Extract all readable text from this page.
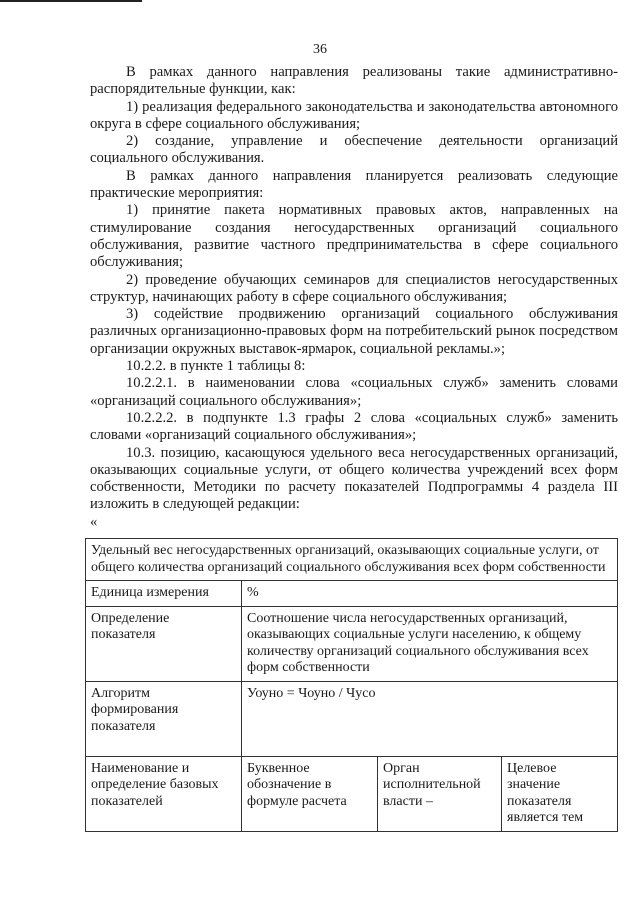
36
В рамках данного направления реализованы такие административно-распорядительные функции, как:
1) реализация федерального законодательства и законодательства автономного округа в сфере социального обслуживания;
2) создание, управление и обеспечение деятельности организаций социального обслуживания.
В рамках данного направления планируется реализовать следующие практические мероприятия:
1) принятие пакета нормативных правовых актов, направленных на стимулирование создания негосударственных организаций социального обслуживания, развитие частного предпринимательства в сфере социального обслуживания;
2) проведение обучающих семинаров для специалистов негосударственных структур, начинающих работу в сфере социального обслуживания;
3) содействие продвижению организаций социального обслуживания различных организационно-правовых форм на потребительский рынок посредством организации окружных выставок-ярмарок, социальной рекламы.»;
10.2.2. в пункте 1 таблицы 8:
10.2.2.1. в наименовании слова «социальных служб» заменить словами «организаций социального обслуживания»;
10.2.2.2. в подпункте 1.3 графы 2 слова «социальных служб» заменить словами «организаций социального обслуживания»;
10.3. позицию, касающуюся удельного веса негосударственных организаций, оказывающих социальные услуги, от общего количества учреждений всех форм собственности, Методики по расчету показателей Подпрограммы 4 раздела III изложить в следующей редакции:
«
Удельный вес негосударственных организаций, оказывающих социальные услуги, от общего количества организаций социального обслуживания всех форм собственности			
Единица измерения	%		
Определение показателя	Соотношение числа негосударственных организаций, оказывающих социальные услуги населению, к общему количеству организаций социального обслуживания всех форм собственности		
Алгоритм формирования показателя	Уоуно = Чоуно / Чусо		
Наименование и определение базовых показателей	Буквенное обозначение в формуле расчета	Орган исполнительной власти –	Целевое значение показателя является тем
